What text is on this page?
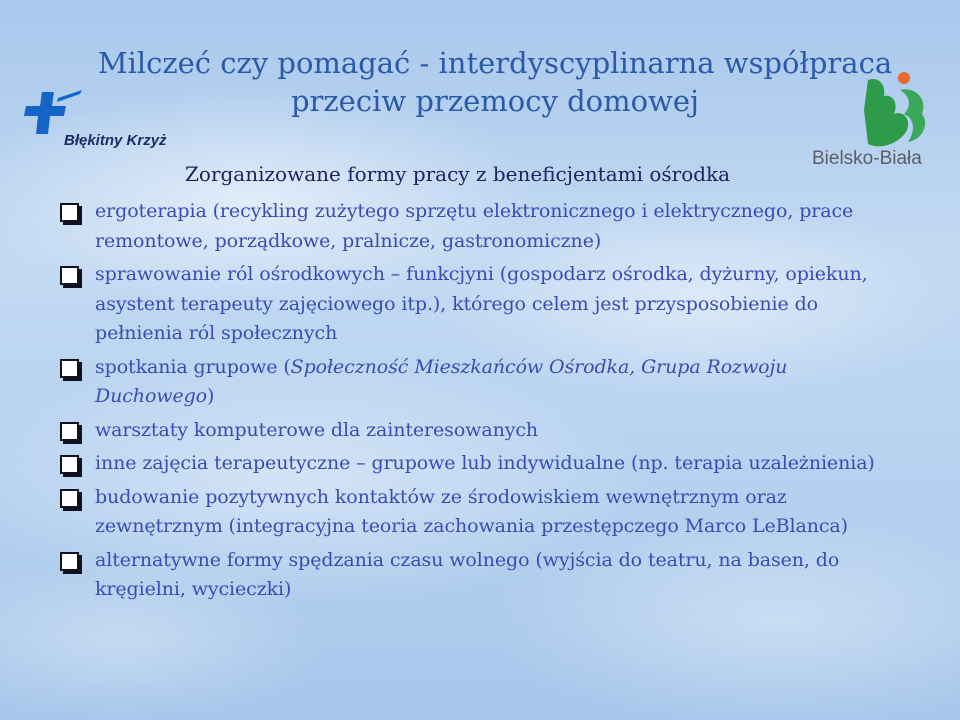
Milczeć czy pomagać - interdyscyplinarna współpraca
przeciw przemocy domowej
Błękitny Krzyż
Bielsko-Biała
Zorganizowane formy pracy z beneficjentami ośrodka
ergoterapia (recykling zużytego sprzętu elektronicznego i elektrycznego, prace remontowe, porządkowe, pralnicze, gastronomiczne)
sprawowanie ról ośrodkowych – funkcjyni (gospodarz ośrodka, dyżurny, opiekun, asystent terapeuty zajęciowego itp.), którego celem jest przysposobienie do pełnienia ról społecznych
spotkania grupowe (Społeczność Mieszkańców Ośrodka, Grupa Rozwoju Duchowego)
warsztaty komputerowe dla zainteresowanych
inne zajęcia terapeutyczne – grupowe lub indywidualne (np. terapia uzależnienia)
budowanie pozytywnych kontaktów ze środowiskiem wewnętrznym oraz zewnętrznym (integracyjna teoria zachowania przestępczego Marco LeBlanca)
alternatywne formy spędzania czasu wolnego (wyjścia do teatru, na basen, do kręgielni, wycieczki)
